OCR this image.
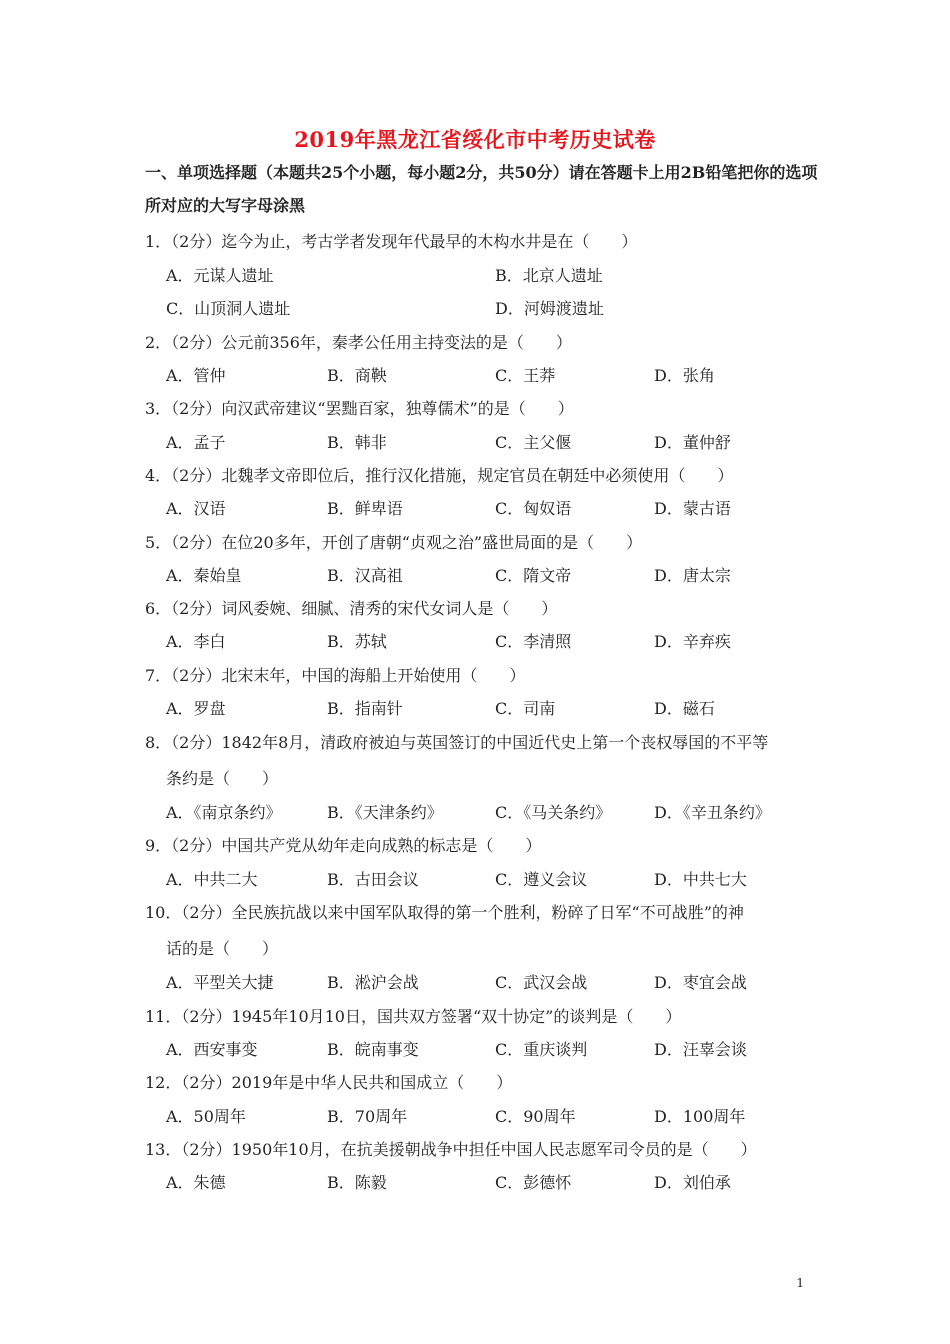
2019年黑龙江省绥化市中考历史试卷
一、单项选择题（本题共25个小题，每小题2分，共50分）请在答题卡上用2B铅笔把你的选项所对应的大写字母涂黑
1．（2分）迄今为止，考古学者发现年代最早的木构水井是在（　　）
A．元谋人遗址	B．北京人遗址
C．山顶洞人遗址	D．河姆渡遗址
2．（2分）公元前356年，秦孝公任用主持变法的是（　　）
A．管仲	B．商鞅	C．王莽	D．张角
3．（2分）向汉武帝建议“罢黜百家，独尊儒术”的是（　　）
A．孟子	B．韩非	C．主父偃	D．董仲舒
4．（2分）北魏孝文帝即位后，推行汉化措施，规定官员在朝廷中必须使用（　　）
A．汉语	B．鲜卑语	C．匈奴语	D．蒙古语
5．（2分）在位20多年，开创了唐朝“贞观之治”盛世局面的是（　　）
A．秦始皇	B．汉高祖	C．隋文帝	D．唐太宗
6．（2分）词风委婉、细腻、清秀的宋代女词人是（　　）
A．李白	B．苏轼	C．李清照	D．辛弃疾
7．（2分）北宋末年，中国的海船上开始使用（　　）
A．罗盘	B．指南针	C．司南	D．磁石
8．（2分）1842年8月，清政府被迫与英国签订的中国近代史上第一个丧权辱国的不平等
条约是（　　）
A．《南京条约》	B．《天津条约》	C．《马关条约》	D．《辛丑条约》
9．（2分）中国共产党从幼年走向成熟的标志是（　　）
A．中共二大	B．古田会议	C．遵义会议	D．中共七大
10．（2分）全民族抗战以来中国军队取得的第一个胜利，粉碎了日军“不可战胜”的神
话的是（　　）
A．平型关大捷	B．淞沪会战	C．武汉会战	D．枣宜会战
11．（2分）1945年10月10日，国共双方签署“双十协定”的谈判是（　　）
A．西安事变	B．皖南事变	C．重庆谈判	D．汪辜会谈
12．（2分）2019年是中华人民共和国成立（　　）
A．50周年	B．70周年	C．90周年	D．100周年
13．（2分）1950年10月，在抗美援朝战争中担任中国人民志愿军司令员的是（　　）
A．朱德	B．陈毅	C．彭德怀	D．刘伯承
1
